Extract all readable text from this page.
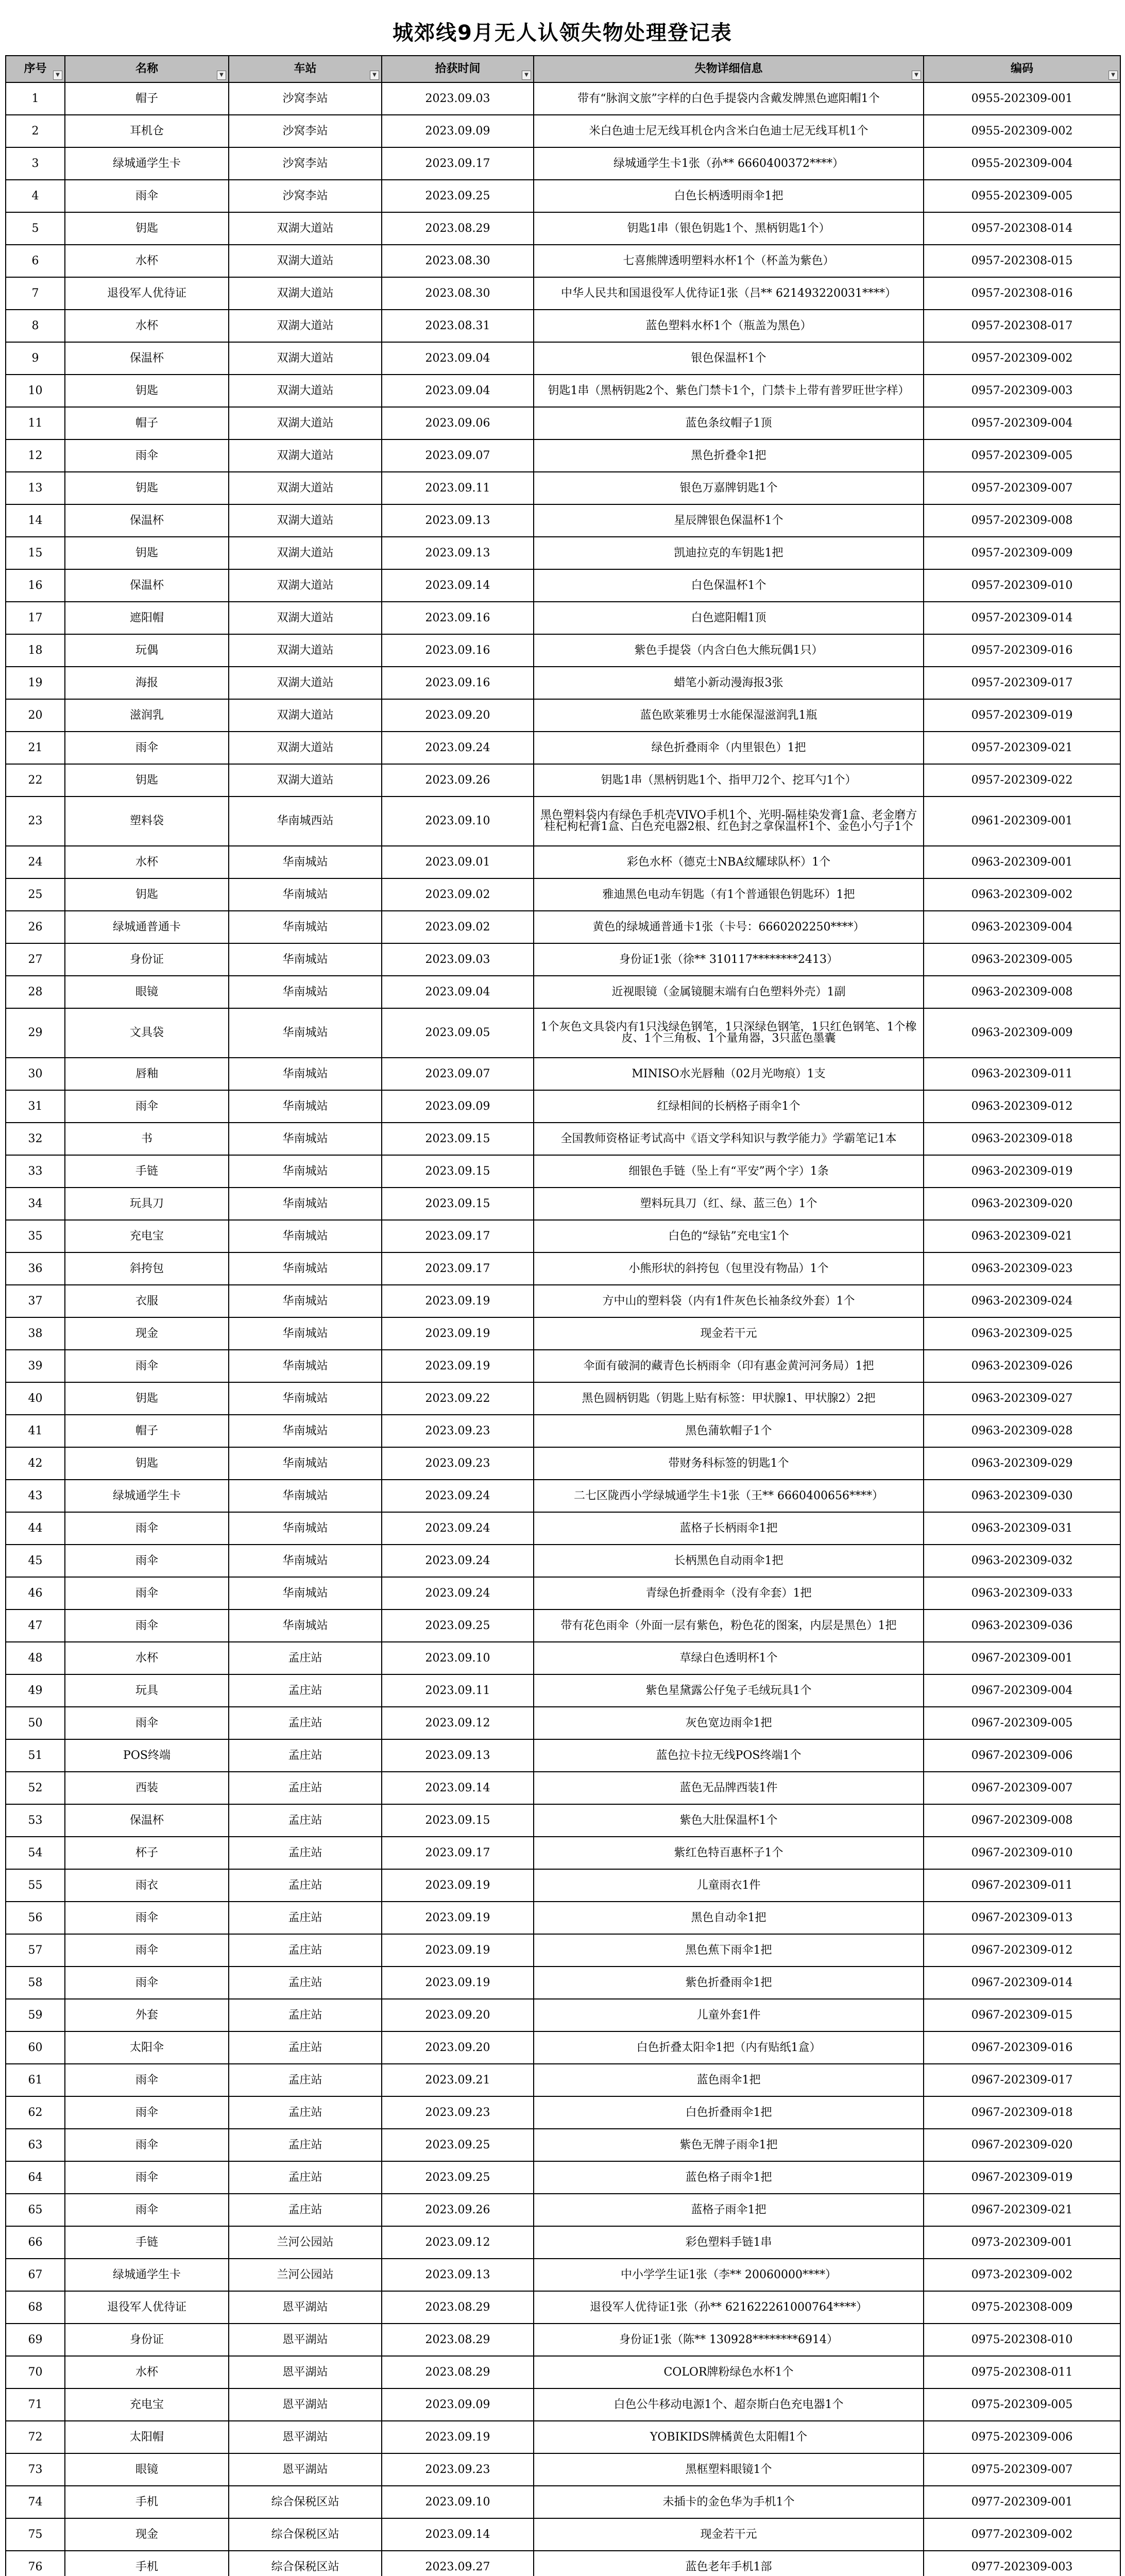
城郊线9月无人认领失物处理登记表
序号 ▼	名称 ▼	车站 ▼	拾获时间 ▼	失物详细信息 ▼	编码 ▼

1	帽子	沙窝李站	2023.09.03	带有“脉润文旅”字样的白色手提袋内含戴发牌黑色遮阳帽1个	0955-202309-001
2	耳机仓	沙窝李站	2023.09.09	米白色迪士尼无线耳机仓内含米白色迪士尼无线耳机1个	0955-202309-002
3	绿城通学生卡	沙窝李站	2023.09.17	绿城通学生卡1张（孙** 6660400372****）	0955-202309-004
4	雨伞	沙窝李站	2023.09.25	白色长柄透明雨伞1把	0955-202309-005
5	钥匙	双湖大道站	2023.08.29	钥匙1串（银色钥匙1个、黑柄钥匙1个）	0957-202308-014
6	水杯	双湖大道站	2023.08.30	七喜熊牌透明塑料水杯1个（杯盖为紫色）	0957-202308-015
7	退役军人优待证	双湖大道站	2023.08.30	中华人民共和国退役军人优待证1张（吕** 621493220031****）	0957-202308-016
8	水杯	双湖大道站	2023.08.31	蓝色塑料水杯1个（瓶盖为黑色）	0957-202308-017
9	保温杯	双湖大道站	2023.09.04	银色保温杯1个	0957-202309-002
10	钥匙	双湖大道站	2023.09.04	钥匙1串（黑柄钥匙2个、紫色门禁卡1个，门禁卡上带有普罗旺世字样）	0957-202309-003
11	帽子	双湖大道站	2023.09.06	蓝色条纹帽子1顶	0957-202309-004
12	雨伞	双湖大道站	2023.09.07	黑色折叠伞1把	0957-202309-005
13	钥匙	双湖大道站	2023.09.11	银色万嘉牌钥匙1个	0957-202309-007
14	保温杯	双湖大道站	2023.09.13	星辰牌银色保温杯1个	0957-202309-008
15	钥匙	双湖大道站	2023.09.13	凯迪拉克的车钥匙1把	0957-202309-009
16	保温杯	双湖大道站	2023.09.14	白色保温杯1个	0957-202309-010
17	遮阳帽	双湖大道站	2023.09.16	白色遮阳帽1顶	0957-202309-014
18	玩偶	双湖大道站	2023.09.16	紫色手提袋（内含白色大熊玩偶1只）	0957-202309-016
19	海报	双湖大道站	2023.09.16	蜡笔小新动漫海报3张	0957-202309-017
20	滋润乳	双湖大道站	2023.09.20	蓝色欧莱雅男士水能保湿滋润乳1瓶	0957-202309-019
21	雨伞	双湖大道站	2023.09.24	绿色折叠雨伞（内里银色）1把	0957-202309-021
22	钥匙	双湖大道站	2023.09.26	钥匙1串（黑柄钥匙1个、指甲刀2个、挖耳勺1个）	0957-202309-022
23	塑料袋	华南城西站	2023.09.10	黑色塑料袋内有绿色手机壳VIVO手机1个、光明-隔桂染发膏1盒、老金磨方桂杞枸杞膏1盒、白色充电器2根、红色封之拿保温杯1个、金色小勺子1个	0961-202309-001
24	水杯	华南城站	2023.09.01	彩色水杯（德克士NBA纹耀球队杯）1个	0963-202309-001
25	钥匙	华南城站	2023.09.02	雅迪黑色电动车钥匙（有1个普通银色钥匙环）1把	0963-202309-002
26	绿城通普通卡	华南城站	2023.09.02	黄色的绿城通普通卡1张（卡号：6660202250****）	0963-202309-004
27	身份证	华南城站	2023.09.03	身份证1张（徐** 310117********2413）	0963-202309-005
28	眼镜	华南城站	2023.09.04	近视眼镜（金属镜腿末端有白色塑料外壳）1副	0963-202309-008
29	文具袋	华南城站	2023.09.05	1个灰色文具袋内有1只浅绿色钢笔，1只深绿色钢笔，1只红色钢笔、1个橡皮、1个三角板、1个量角器，3只蓝色墨囊	0963-202309-009
30	唇釉	华南城站	2023.09.07	MINISO水光唇釉（02月光吻痕）1支	0963-202309-011
31	雨伞	华南城站	2023.09.09	红绿相间的长柄格子雨伞1个	0963-202309-012
32	书	华南城站	2023.09.15	全国教师资格证考试高中《语文学科知识与教学能力》学霸笔记1本	0963-202309-018
33	手链	华南城站	2023.09.15	细银色手链（坠上有“平安”两个字）1条	0963-202309-019
34	玩具刀	华南城站	2023.09.15	塑料玩具刀（红、绿、蓝三色）1个	0963-202309-020
35	充电宝	华南城站	2023.09.17	白色的“绿钻”充电宝1个	0963-202309-021
36	斜挎包	华南城站	2023.09.17	小熊形状的斜挎包（包里没有物品）1个	0963-202309-023
37	衣服	华南城站	2023.09.19	方中山的塑料袋（内有1件灰色长袖条纹外套）1个	0963-202309-024
38	现金	华南城站	2023.09.19	现金若干元	0963-202309-025
39	雨伞	华南城站	2023.09.19	伞面有破洞的藏青色长柄雨伞（印有惠金黄河河务局）1把	0963-202309-026
40	钥匙	华南城站	2023.09.22	黑色圆柄钥匙（钥匙上贴有标签：甲状腺1、甲状腺2）2把	0963-202309-027
41	帽子	华南城站	2023.09.23	黑色蒲软帽子1个	0963-202309-028
42	钥匙	华南城站	2023.09.23	带财务科标签的钥匙1个	0963-202309-029
43	绿城通学生卡	华南城站	2023.09.24	二七区陇西小学绿城通学生卡1张（王** 6660400656****）	0963-202309-030
44	雨伞	华南城站	2023.09.24	蓝格子长柄雨伞1把	0963-202309-031
45	雨伞	华南城站	2023.09.24	长柄黑色自动雨伞1把	0963-202309-032
46	雨伞	华南城站	2023.09.24	青绿色折叠雨伞（没有伞套）1把	0963-202309-033
47	雨伞	华南城站	2023.09.25	带有花色雨伞（外面一层有紫色，粉色花的图案，内层是黑色）1把	0963-202309-036
48	水杯	孟庄站	2023.09.10	草绿白色透明杯1个	0967-202309-001
49	玩具	孟庄站	2023.09.11	紫色星黛露公仔兔子毛绒玩具1个	0967-202309-004
50	雨伞	孟庄站	2023.09.12	灰色宽边雨伞1把	0967-202309-005
51	POS终端	孟庄站	2023.09.13	蓝色拉卡拉无线POS终端1个	0967-202309-006
52	西装	孟庄站	2023.09.14	蓝色无品牌西装1件	0967-202309-007
53	保温杯	孟庄站	2023.09.15	紫色大肚保温杯1个	0967-202309-008
54	杯子	孟庄站	2023.09.17	紫红色特百惠杯子1个	0967-202309-010
55	雨衣	孟庄站	2023.09.19	儿童雨衣1件	0967-202309-011
56	雨伞	孟庄站	2023.09.19	黑色自动伞1把	0967-202309-013
57	雨伞	孟庄站	2023.09.19	黑色蕉下雨伞1把	0967-202309-012
58	雨伞	孟庄站	2023.09.19	紫色折叠雨伞1把	0967-202309-014
59	外套	孟庄站	2023.09.20	儿童外套1件	0967-202309-015
60	太阳伞	孟庄站	2023.09.20	白色折叠太阳伞1把（内有贴纸1盒）	0967-202309-016
61	雨伞	孟庄站	2023.09.21	蓝色雨伞1把	0967-202309-017
62	雨伞	孟庄站	2023.09.23	白色折叠雨伞1把	0967-202309-018
63	雨伞	孟庄站	2023.09.25	紫色无牌子雨伞1把	0967-202309-020
64	雨伞	孟庄站	2023.09.25	蓝色格子雨伞1把	0967-202309-019
65	雨伞	孟庄站	2023.09.26	蓝格子雨伞1把	0967-202309-021
66	手链	兰河公园站	2023.09.12	彩色塑料手链1串	0973-202309-001
67	绿城通学生卡	兰河公园站	2023.09.13	中小学学生证1张（李** 20060000****）	0973-202309-002
68	退役军人优待证	恩平湖站	2023.08.29	退役军人优待证1张（孙** 621622261000764****）	0975-202308-009
69	身份证	恩平湖站	2023.08.29	身份证1张（陈** 130928********6914）	0975-202308-010
70	水杯	恩平湖站	2023.08.29	COLOR牌粉绿色水杯1个	0975-202308-011
71	充电宝	恩平湖站	2023.09.09	白色公牛移动电源1个、超奈斯白色充电器1个	0975-202309-005
72	太阳帽	恩平湖站	2023.09.19	YOBIKIDS牌橘黄色太阳帽1个	0975-202309-006
73	眼镜	恩平湖站	2023.09.23	黑框塑料眼镜1个	0975-202309-007
74	手机	综合保税区站	2023.09.10	未插卡的金色华为手机1个	0977-202309-001
75	现金	综合保税区站	2023.09.14	现金若干元	0977-202309-002
76	手机	综合保税区站	2023.09.27	蓝色老年手机1部	0977-202309-003
